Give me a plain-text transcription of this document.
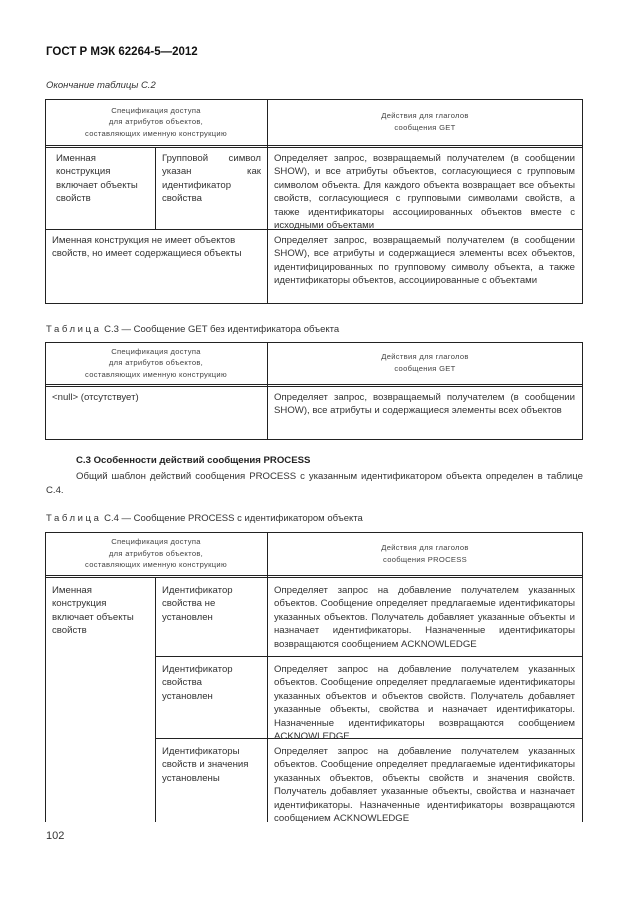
ГОСТ Р МЭК 62264-5—2012
Окончание таблицы С.2
Спецификация доступа
для атрибутов объектов,
составляющих именную конструкцию
Действия для глаголов
сообщения GET
Именная конструкция включает объекты свойств
Групповой символ указан как идентификатор свойства
Определяет запрос, возвращаемый получателем (в сообщении SHOW), и все атрибуты объектов, согласующиеся с групповым символом объекта. Для каждого объекта возвращает все объекты свойств, согласующиеся с групповыми символами свойств, а также идентификаторы ассоциированных объектов вместе с исходными объектами
Именная конструкция не имеет объектов свойств, но имеет содержащиеся объекты
Определяет запрос, возвращаемый получателем (в сообщении SHOW), все атрибуты и содержащиеся элементы всех объектов, идентифицированных по групповому символу объекта, а также идентификаторы объектов, ассоциированные с объектами
Таблица С.3 — Сообщение GET без идентификатора объекта
Спецификация доступа
для атрибутов объектов,
составляющих именную конструкцию
Действия для глаголов
сообщения GET
<null> (отсутствует)	Определяет запрос, возвращаемый получателем (в сообщении SHOW), все атрибуты и содержащиеся элементы всех объектов
С.3 Особенности действий сообщения PROCESS
Общий шаблон действий сообщения PROCESS с указанным идентификатором объекта определен в таблице С.4.
Таблица С.4 — Сообщение PROCESS с идентификатором объекта
Спецификация доступа
для атрибутов объектов,
составляющих именную конструкцию
Действия для глаголов
сообщения PROCESS
Именная конструкция включает объекты свойств
Идентификатор свойства не установлен
Определяет запрос на добавление получателем указанных объектов. Сообщение определяет предлагаемые идентификаторы указанных объектов. Получатель добавляет указанные объекты и назначает идентификаторы. Назначенные идентификаторы возвращаются сообщением ACKNOWLEDGE
Идентификатор свойства установлен
Определяет запрос на добавление получателем указанных объектов. Сообщение определяет предлагаемые идентификаторы указанных объектов и объектов свойств. Получатель добавляет указанные объекты, свойства и назначает идентификаторы. Назначенные идентификаторы возвращаются сообщением ACKNOWLEDGE
Идентификаторы свойств и значения установлены
Определяет запрос на добавление получателем указанных объектов. Сообщение определяет предлагаемые идентификаторы указанных объектов, объекты свойств и значения свойств. Получатель добавляет указанные объекты, свойства и назначает идентификаторы. Назначенные идентификаторы возвращаются сообщением ACKNOWLEDGE
102
